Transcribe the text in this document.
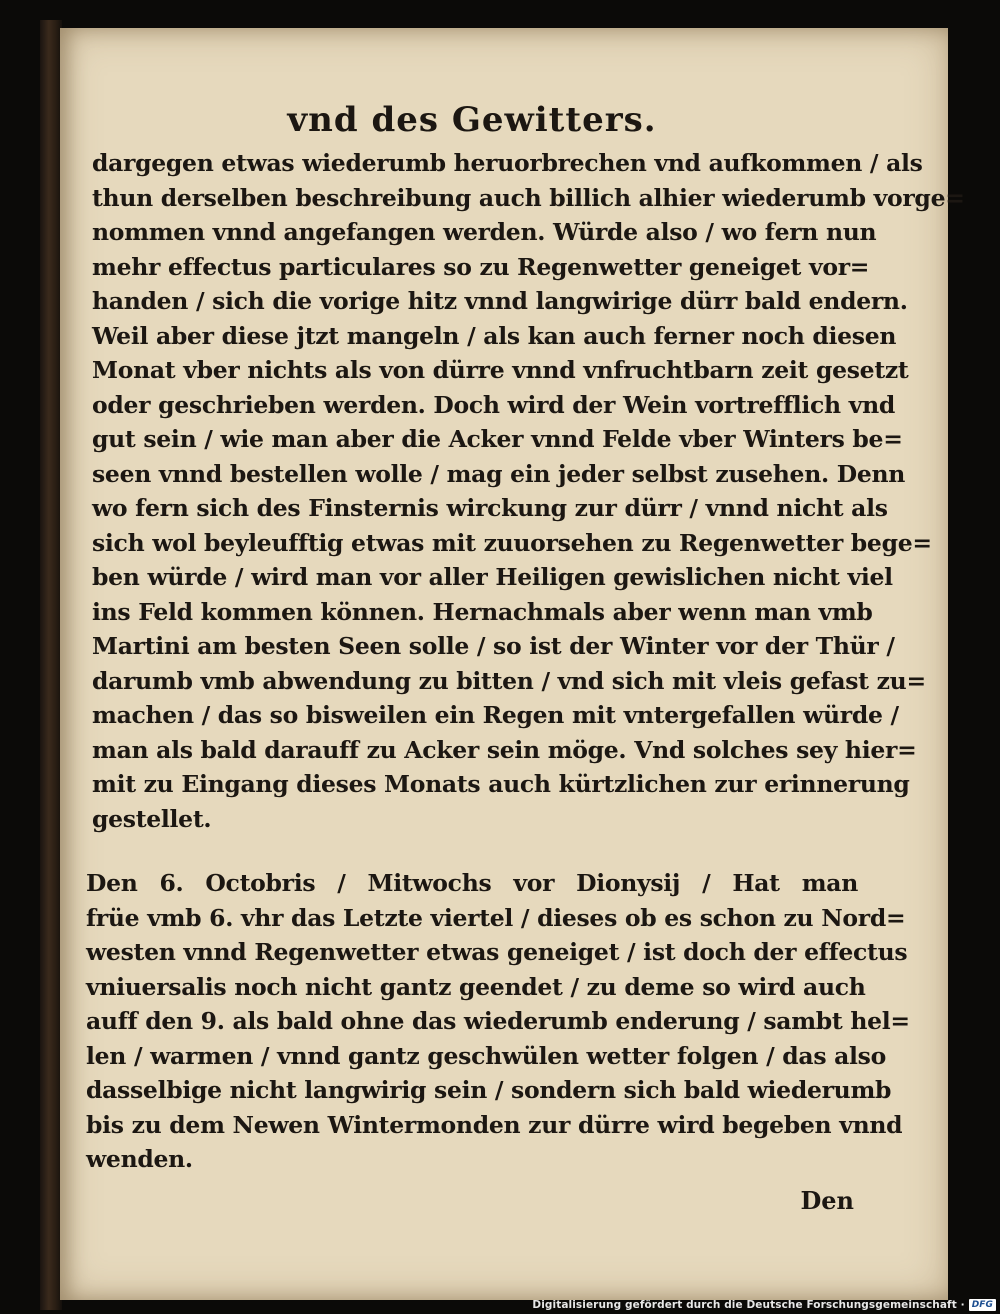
vnd des Gewitters.
dargegen etwas wiederumb heruorbrechen vnd aufkommen / als
thun derselben beschreibung auch billich alhier wiederumb vorge=
nommen vnnd angefangen werden. Würde also / wo fern nun
mehr effectus particulares so zu Regenwetter geneiget vor=
handen / sich die vorige hitz vnnd langwirige dürr bald endern.
Weil aber diese jtzt mangeln / als kan auch ferner noch diesen
Monat vber nichts als von dürre vnnd vnfruchtbarn zeit gesetzt
oder geschrieben werden. Doch wird der Wein vortrefflich vnd
gut sein / wie man aber die Acker vnnd Felde vber Winters be=
seen vnnd bestellen wolle / mag ein jeder selbst zusehen. Denn
wo fern sich des Finsternis wirckung zur dürr / vnnd nicht als
sich wol beyleufftig etwas mit zuuorsehen zu Regenwetter bege=
ben würde / wird man vor aller Heiligen gewislichen nicht viel
ins Feld kommen können. Hernachmals aber wenn man vmb
Martini am besten Seen solle / so ist der Winter vor der Thür /
darumb vmb abwendung zu bitten / vnd sich mit vleis gefast zu=
machen / das so bisweilen ein Regen mit vntergefallen würde /
man als bald darauff zu Acker sein möge. Vnd solches sey hier=
mit zu Eingang dieses Monats auch kürtzlichen zur erinnerung
gestellet.
Den 6. Octobris / Mitwochs vor Dionysij / Hat man
früe vmb 6. vhr das Letzte viertel / dieses ob es schon zu Nord=
westen vnnd Regenwetter etwas geneiget / ist doch der effectus
vniuersalis noch nicht gantz geendet / zu deme so wird auch
auff den 9. als bald ohne das wiederumb enderung / sambt hel=
len / warmen / vnnd gantz geschwülen wetter folgen / das also
dasselbige nicht langwirig sein / sondern sich bald wiederumb
bis zu dem Newen Wintermonden zur dürre wird begeben vnnd
wenden.
Den
Digitalisierung gefördert durch die Deutsche Forschungsgemeinschaft · DFG
